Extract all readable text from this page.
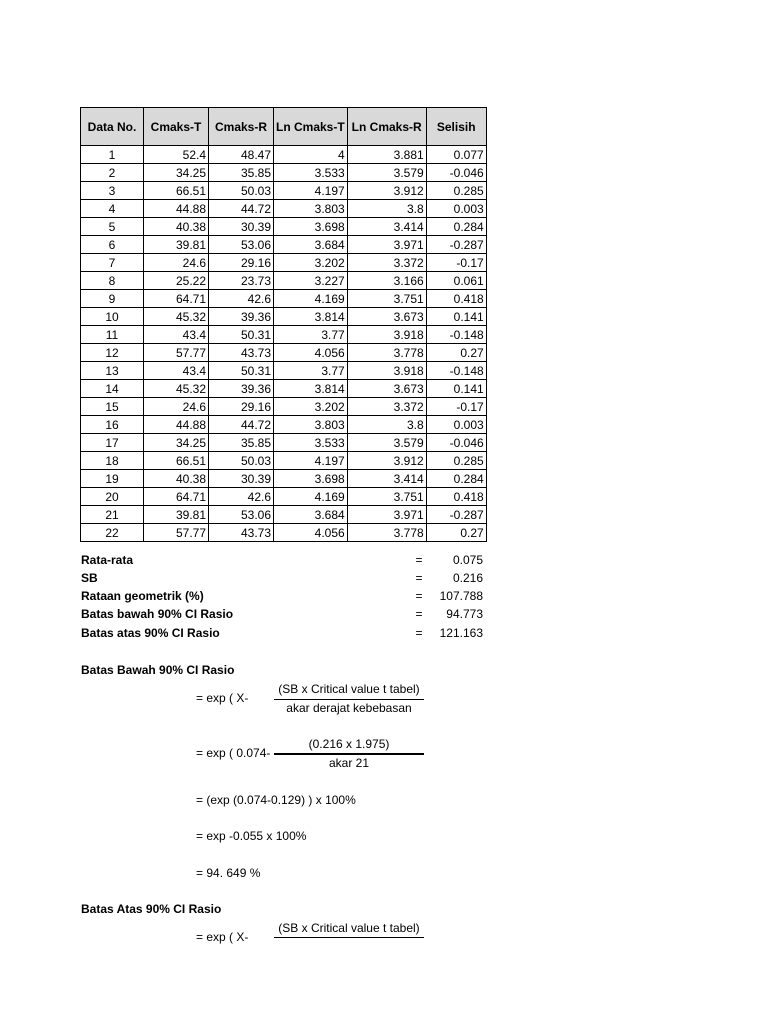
Data No.	Cmaks-T	Cmaks-R	Ln Cmaks-T	Ln Cmaks-R	Selisih
1	52.4	48.47	4	3.881	0.077
2	34.25	35.85	3.533	3.579	-0.046
3	66.51	50.03	4.197	3.912	0.285
4	44.88	44.72	3.803	3.8	0.003
5	40.38	30.39	3.698	3.414	0.284
6	39.81	53.06	3.684	3.971	-0.287
7	24.6	29.16	3.202	3.372	-0.17
8	25.22	23.73	3.227	3.166	0.061
9	64.71	42.6	4.169	3.751	0.418
10	45.32	39.36	3.814	3.673	0.141
11	43.4	50.31	3.77	3.918	-0.148
12	57.77	43.73	4.056	3.778	0.27
13	43.4	50.31	3.77	3.918	-0.148
14	45.32	39.36	3.814	3.673	0.141
15	24.6	29.16	3.202	3.372	-0.17
16	44.88	44.72	3.803	3.8	0.003
17	34.25	35.85	3.533	3.579	-0.046
18	66.51	50.03	4.197	3.912	0.285
19	40.38	30.39	3.698	3.414	0.284
20	64.71	42.6	4.169	3.751	0.418
21	39.81	53.06	3.684	3.971	-0.287
22	57.77	43.73	4.056	3.778	0.27
Rata-rata	=	0.075
SB	=	0.216
Rataan geometrik (%)	= 107.788
Batas bawah 90% CI Rasio	= 94.773
Batas atas 90% CI Rasio	= 121.163
Batas Bawah 90% CI Rasio
= exp ( X-
(SB x Critical value t tabel)
akar derajat kebebasan
= exp ( 0.074-
(0.216 x 1.975)
akar 21
= (exp (0.074-0.129) ) x 100%
= exp -0.055 x 100%
= 94. 649 %
Batas Atas 90% CI Rasio
= exp ( X-
(SB x Critical value t tabel)
